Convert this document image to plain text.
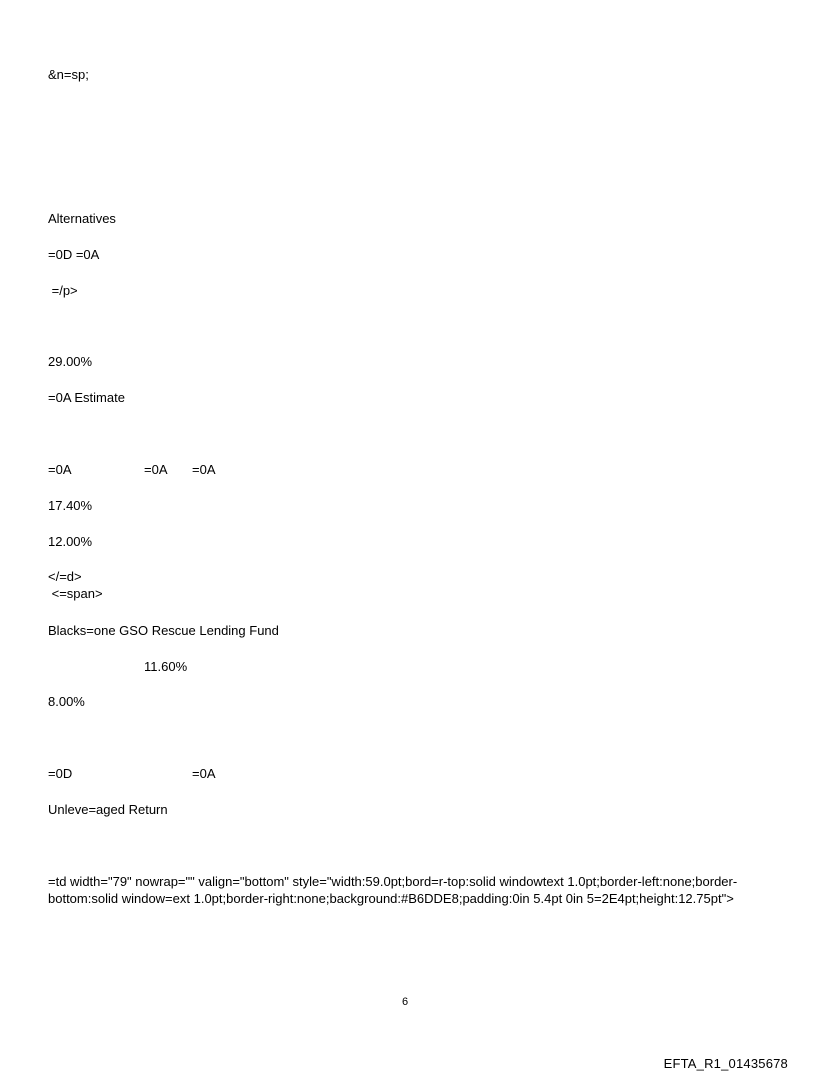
&n=sp;
Alternatives
=0D =0A
=/p>
29.00%
=0A Estimate
=0A	=0A =0A
17.40%
12.00%
</=d>
<=span>
Blacks=one GSO Rescue Lending Fund
11.60%
8.00%
=0D	=0A
Unleve=aged Return
=td width="79" nowrap="" valign="bottom" style="width:59.0pt;bord=r-top:solid windowtext 1.0pt;border-left:none;border-bottom:solid window=ext 1.0pt;border-right:none;background:#B6DDE8;padding:0in 5.4pt 0in 5=2E4pt;height:12.75pt">
6
EFTA_R1_01435678
